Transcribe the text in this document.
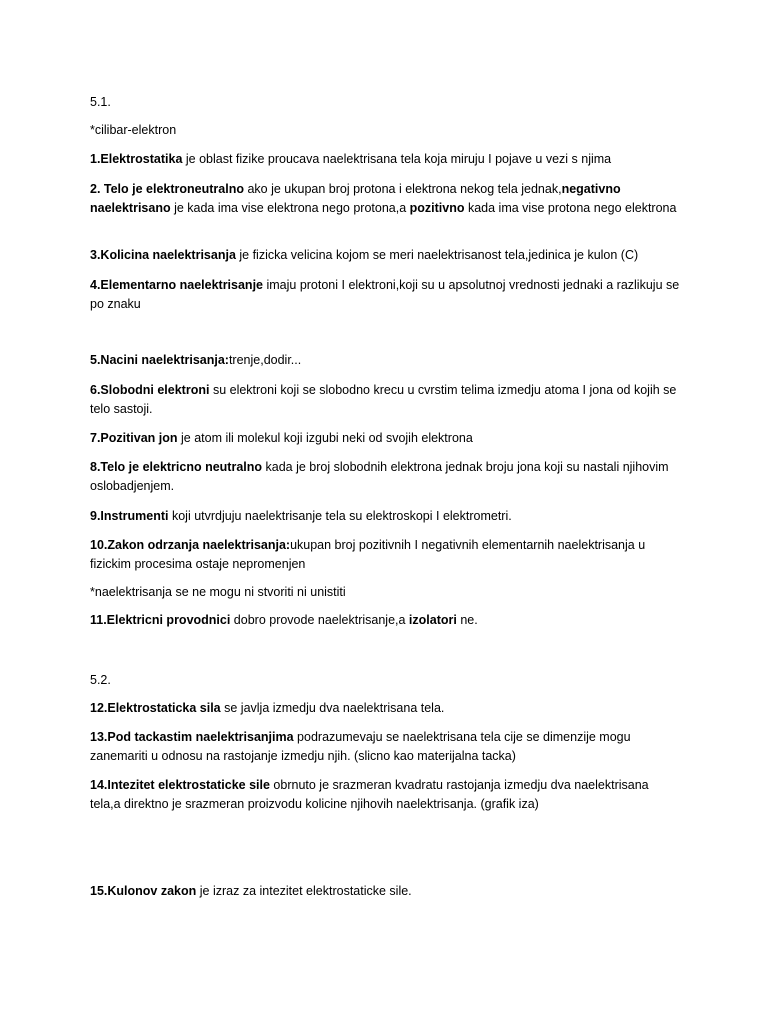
5.1.

*cilibar-elektron

1.Elektrostatika je oblast fizike proucava naelektrisana tela koja miruju I pojave u vezi s njima

2. Telo je elektroneutralno ako je ukupan broj protona i elektrona nekog tela jednak,negativno naelektrisano je kada ima vise elektrona nego protona,a pozitivno kada ima vise protona nego elektrona

3.Kolicina naelektrisanja je fizicka velicina kojom se meri naelektrisanost tela,jedinica je kulon (C)

4.Elementarno naelektrisanje imaju protoni I elektroni,koji su u apsolutnoj vrednosti jednaki a razlikuju se po znaku

5.Nacini naelektrisanja:trenje,dodir...

6.Slobodni elektroni su elektroni koji se slobodno krecu u cvrstim telima izmedju atoma I jona od kojih se telo sastoji.

7.Pozitivan jon je atom ili molekul koji izgubi neki od svojih elektrona

8.Telo je elektricno neutralno kada je broj slobodnih elektrona jednak broju jona koji su nastali njihovim oslobadjenjem.

9.Instrumenti koji utvrdjuju naelektrisanje tela su elektroskopi I elektrometri.

10.Zakon odrzanja naelektrisanja:ukupan broj pozitivnih I negativnih elementarnih naelektrisanja u fizickim procesima ostaje nepromenjen

*naelektrisanja se ne mogu ni stvoriti ni unistiti

11.Elektricni provodnici dobro provode naelektrisanje,a izolatori ne.

5.2.

12.Elektrostaticka sila se javlja izmedju dva naelektrisana tela.

13.Pod tackastim naelektrisanjima podrazumevaju se naelektrisana tela cije se dimenzije mogu zanemariti u odnosu na rastojanje izmedju njih. (slicno kao materijalna tacka)

14.Intezitet elektrostaticke sile obrnuto je srazmeran kvadratu rastojanja izmedju dva naelektrisana tela,a direktno je srazmeran proizvodu kolicine njihovih naelektrisanja. (grafik iza)

15.Kulonov zakon je izraz za intezitet elektrostaticke sile.
